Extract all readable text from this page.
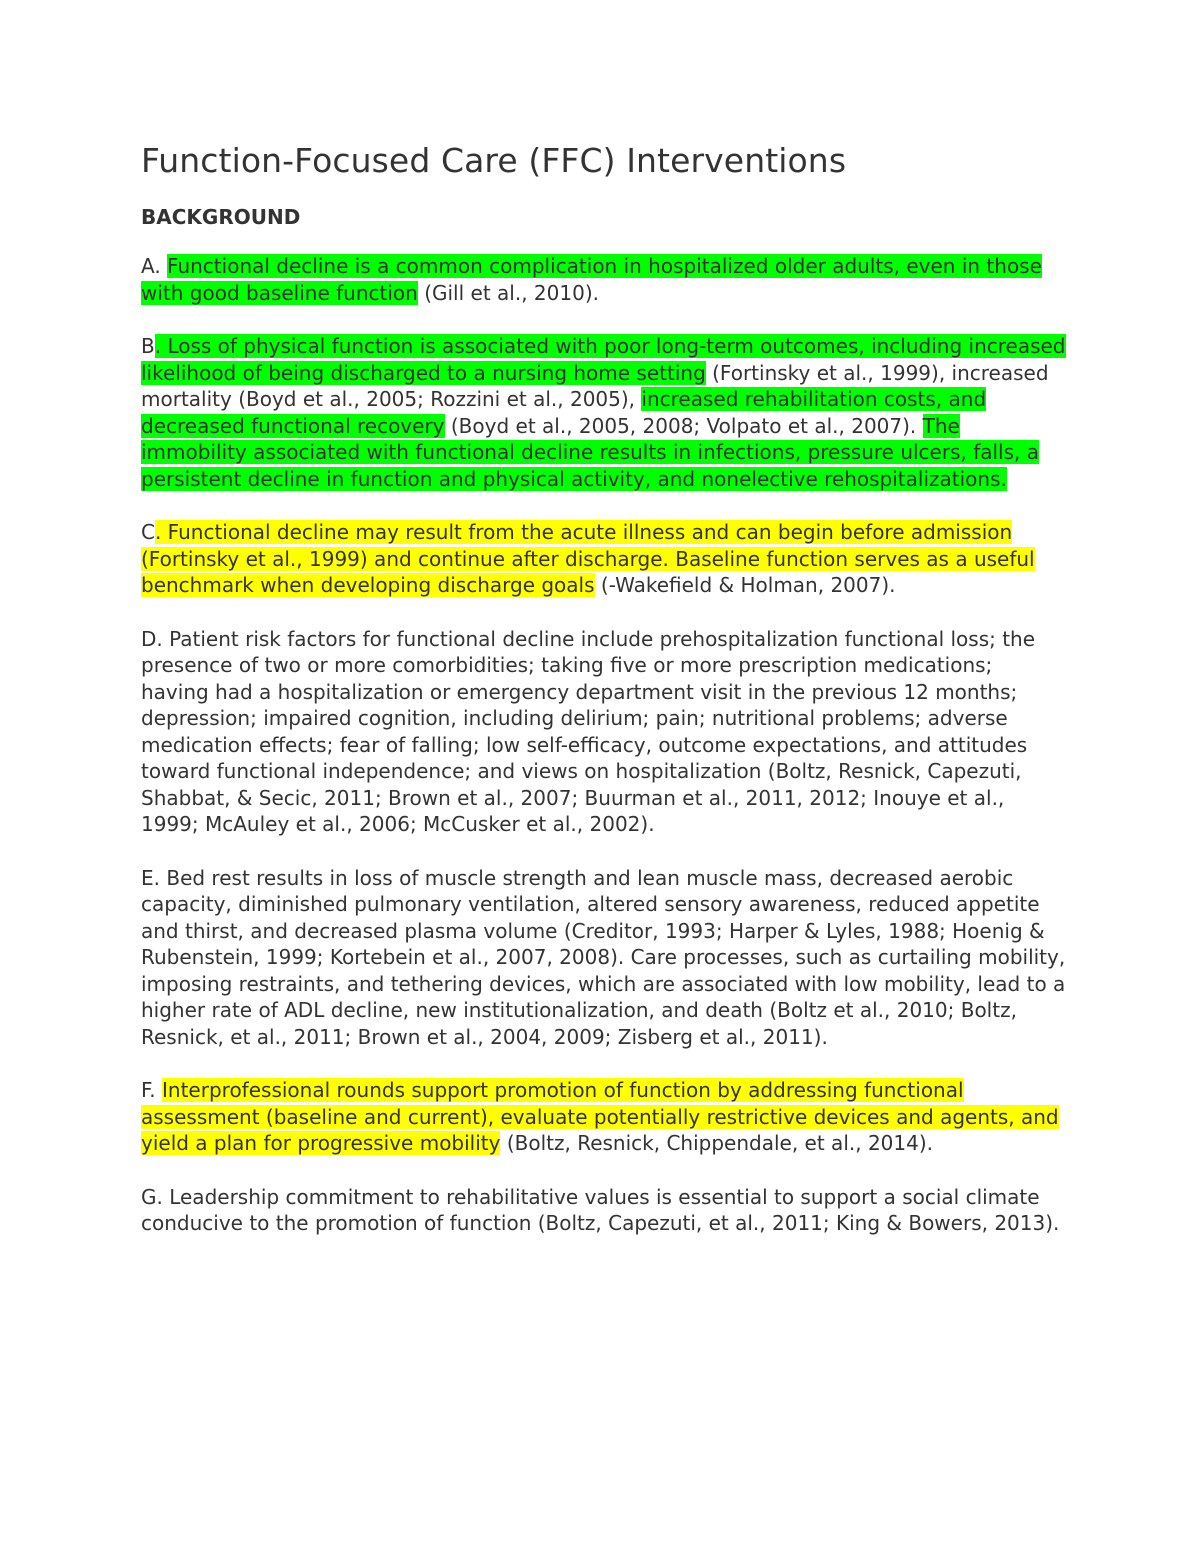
Function-Focused Care (FFC) Interventions
BACKGROUND

A. Functional decline is a common complication in hospitalized older adults, even in those with good baseline function (Gill et al., 2010).

B. Loss of physical function is associated with poor long-term outcomes, including increased likelihood of being discharged to a nursing home setting (Fortinsky et al., 1999), increased mortality (Boyd et al., 2005; Rozzini et al., 2005), increased rehabilitation costs, and decreased functional recovery (Boyd et al., 2005, 2008; Volpato et al., 2007). The immobility associated with functional decline results in infections, pressure ulcers, falls, a persistent decline in function and physical activity, and nonelective rehospitalizations.

C. Functional decline may result from the acute illness and can begin before admission (Fortinsky et al., 1999) and continue after discharge. Baseline function serves as a useful benchmark when developing discharge goals (-Wakefield & Holman, 2007).

D. Patient risk factors for functional decline include prehospitalization functional loss; the presence of two or more comorbidities; taking five or more prescription medications; having had a hospitalization or emergency department visit in the previous 12 months; depression; impaired cognition, including delirium; pain; nutritional problems; adverse medication effects; fear of falling; low self-efficacy, outcome expectations, and attitudes toward functional independence; and views on hospitalization (Boltz, Resnick, Capezuti, Shabbat, & Secic, 2011; Brown et al., 2007; Buurman et al., 2011, 2012; Inouye et al., 1999; McAuley et al., 2006; McCusker et al., 2002).

E. Bed rest results in loss of muscle strength and lean muscle mass, decreased aerobic capacity, diminished pulmonary ventilation, altered sensory awareness, reduced appetite and thirst, and decreased plasma volume (Creditor, 1993; Harper & Lyles, 1988; Hoenig & Rubenstein, 1999; Kortebein et al., 2007, 2008). Care processes, such as curtailing mobility, imposing restraints, and tethering devices, which are associated with low mobility, lead to a higher rate of ADL decline, new institutionalization, and death (Boltz et al., 2010; Boltz, Resnick, et al., 2011; Brown et al., 2004, 2009; Zisberg et al., 2011).

F. Interprofessional rounds support promotion of function by addressing functional assessment (baseline and current), evaluate potentially restrictive devices and agents, and yield a plan for progressive mobility (Boltz, Resnick, Chippendale, et al., 2014).

G. Leadership commitment to rehabilitative values is essential to support a social climate conducive to the promotion of function (Boltz, Capezuti, et al., 2011; King & Bowers, 2013).
